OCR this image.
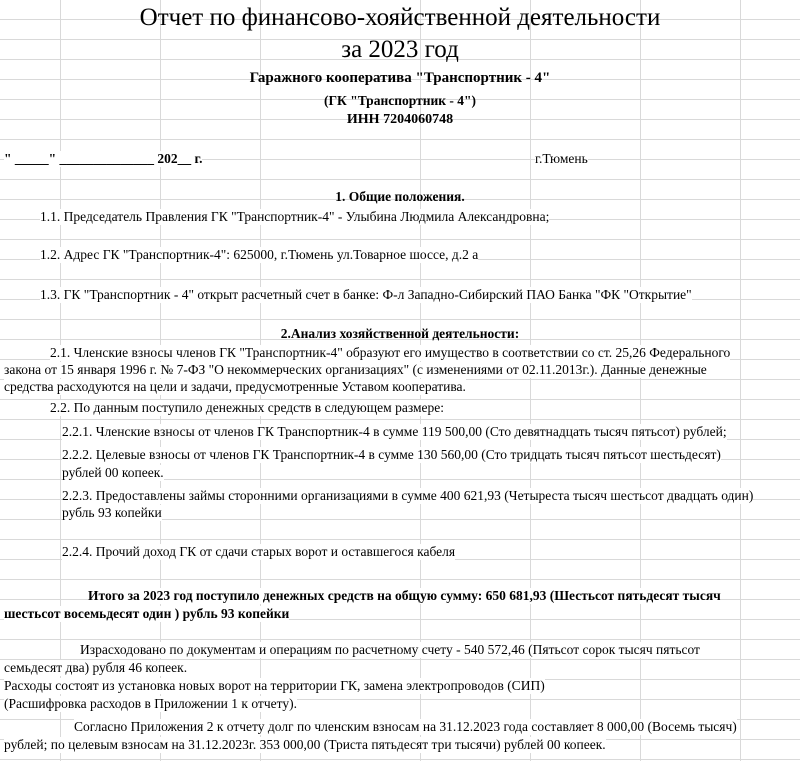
Отчет по финансово-хояйственной деятельности
за 2023 год
Гаражного кооператива "Транспортник - 4"
(ГК "Транспортник - 4")
ИНН 7204060748
" _____" ______________ 202__ г.	г.Тюмень
1. Общие положения.
1.1. Председатель Правления ГК "Транспортник-4" - Улыбина Людмила Александровна;
1.2. Адрес ГК "Транспортник-4": 625000, г.Тюмень ул.Товарное шоссе, д.2 а
1.3. ГК "Транспортник - 4" открыт расчетный счет в банке: Ф-л Западно-Сибирский ПАО Банка "ФК "Открытие"
2.Анализ хозяйственной деятельности:
2.1. Членские взносы членов ГК "Транспортник-4" образуют его имущество в соответствии со ст. 25,26 Федерального
закона от 15 января 1996 г. № 7-ФЗ "О некоммерческих организациях" (с изменениями от 02.11.2013г.). Данные денежные
средства расходуются на цели и задачи, предусмотренные Уставом кооператива.
2.2. По данным поступило денежных средств в следующем размере:
2.2.1. Членские взносы от членов ГК Транспортник-4 в сумме 119 500,00 (Сто девятнадцать тысяч пятьсот) рублей;
2.2.2. Целевые взносы от членов ГК Транспортник-4 в сумме 130 560,00 (Сто тридцать тысяч пятьсот шестьдесят)
рублей 00 копеек.
2.2.3. Предоставлены займы сторонними организациями в сумме 400 621,93 (Четыреста тысяч шестьсот двадцать один)
рубль 93 копейки
2.2.4. Прочий доход ГК от сдачи старых ворот и оставшегося кабеля
Итого за 2023 год поступило денежных средств на общую сумму: 650 681,93 (Шестьсот пятьдесят тысяч
шестьсот восемьдесят один ) рубль 93 копейки
Израсходовано по документам и операциям по расчетному счету - 540 572,46 (Пятьсот сорок тысяч пятьсот
семьдесят два) рубля 46 копеек.
Расходы состоят из установка новых ворот на территории ГК, замена электропроводов (СИП)
(Расшифровка расходов в Приложении 1 к отчету).
Согласно Приложения 2 к отчету долг по членским взносам на 31.12.2023 года составляет 8 000,00 (Восемь тысяч)
рублей; по целевым взносам на 31.12.2023г. 353 000,00 (Триста пятьдесят три тысячи) рублей 00 копеек.
